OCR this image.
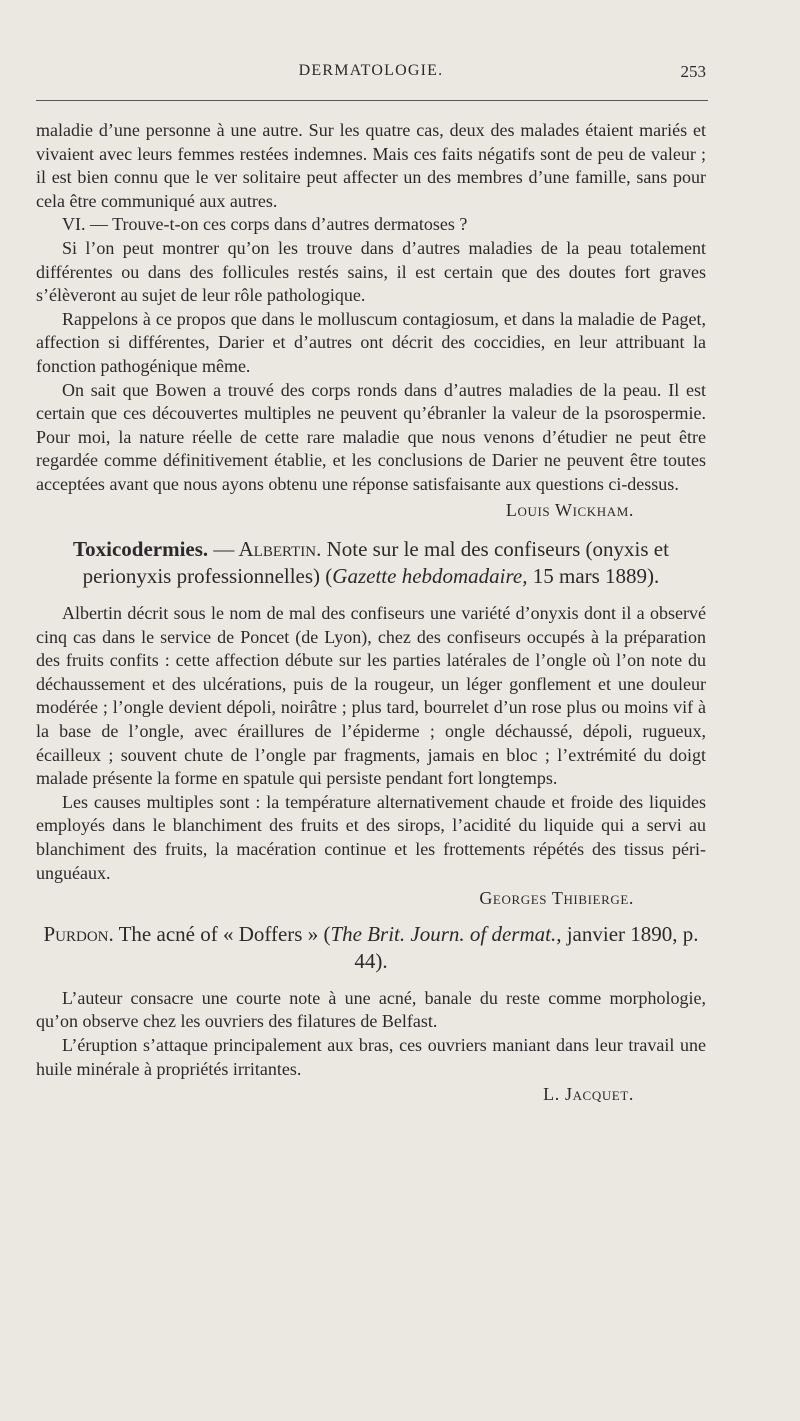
DERMATOLOGIE.	253

maladie d’une personne à une autre. Sur les quatre cas, deux des malades étaient mariés et vivaient avec leurs femmes restées indemnes. Mais ces faits négatifs sont de peu de valeur ; il est bien connu que le ver solitaire peut affecter un des membres d’une famille, sans pour cela être communiqué aux autres.

VI. — Trouve-t-on ces corps dans d’autres dermatoses ?

Si l’on peut montrer qu’on les trouve dans d’autres maladies de la peau totalement différentes ou dans des follicules restés sains, il est certain que des doutes fort graves s’élèveront au sujet de leur rôle pathologique.

Rappelons à ce propos que dans le molluscum contagiosum, et dans la maladie de Paget, affection si différentes, Darier et d’autres ont décrit des coccidies, en leur attribuant la fonction pathogénique même.

On sait que Bowen a trouvé des corps ronds dans d’autres maladies de la peau. Il est certain que ces découvertes multiples ne peuvent qu’ébranler la valeur de la psorospermie. Pour moi, la nature réelle de cette rare maladie que nous venons d’étudier ne peut être regardée comme définitivement établie, et les conclusions de Darier ne peuvent être toutes acceptées avant que nous ayons obtenu une réponse satisfaisante aux questions ci-dessus.

Louis Wickham.

Toxicodermies. — Albertin. Note sur le mal des confiseurs (onyxis et perionyxis professionnelles) (Gazette hebdomadaire, 15 mars 1889).

Albertin décrit sous le nom de mal des confiseurs une variété d’onyxis dont il a observé cinq cas dans le service de Poncet (de Lyon), chez des confiseurs occupés à la préparation des fruits confits : cette affection débute sur les parties latérales de l’ongle où l’on note du déchaussement et des ulcérations, puis de la rougeur, un léger gonflement et une douleur modérée ; l’ongle devient dépoli, noirâtre ; plus tard, bourrelet d’un rose plus ou moins vif à la base de l’ongle, avec éraillures de l’épiderme ; ongle déchaussé, dépoli, rugueux, écailleux ; souvent chute de l’ongle par fragments, jamais en bloc ; l’extrémité du doigt malade présente la forme en spatule qui persiste pendant fort longtemps.

Les causes multiples sont : la température alternativement chaude et froide des liquides employés dans le blanchiment des fruits et des sirops, l’acidité du liquide qui a servi au blanchiment des fruits, la macération continue et les frottements répétés des tissus péri-unguéaux.

Georges Thibierge.

Purdon. The acné of « Doffers » (The Brit. Journ. of dermat., janvier 1890, p. 44).

L’auteur consacre une courte note à une acné, banale du reste comme morphologie, qu’on observe chez les ouvriers des filatures de Belfast.

L’éruption s’attaque principalement aux bras, ces ouvriers maniant dans leur travail une huile minérale à propriétés irritantes.

L. Jacquet.
